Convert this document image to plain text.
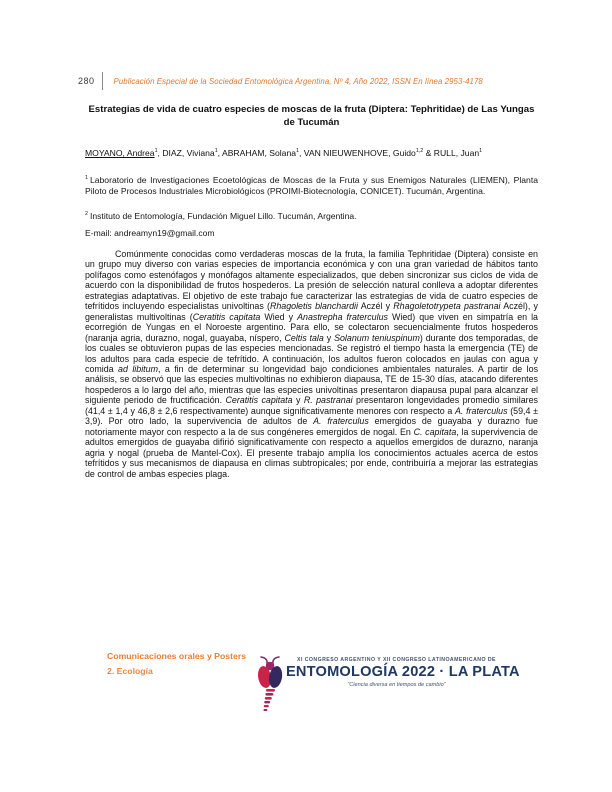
280 Publicación Especial de la Sociedad Entomológica Argentina, Nº 4, Año 2022, ISSN En línea 2953-4178
Estrategias de vida de cuatro especies de moscas de la fruta (Diptera: Tephritidae) de Las Yungas de Tucumán

MOYANO, Andrea$^1$, DIAZ, Viviana$^1$, ABRAHAM, Solana$^1$, VAN NIEUWENHOVE, Guido$^{1,2}$ & RULL, Juan$^1$

$^1$ Laboratorio de Investigaciones Ecoetológicas de Moscas de la Fruta y sus Enemigos Naturales (LIEMEN), Planta Piloto de Procesos Industriales Microbiológicos (PROIMI-Biotecnología, CONICET). Tucumán, Argentina.

$^2$ Instituto de Entomología, Fundación Miguel Lillo. Tucumán, Argentina.

E-mail: andreamyn19@gmail.com

Comúnmente conocidas como verdaderas moscas de la fruta, la familia Tephritidae (Diptera) consiste en un grupo muy diverso con varias especies de importancia económica y con una gran variedad de hábitos tanto polífagos como estenófagos y monófagos altamente especializados, que deben sincronizar sus ciclos de vida de acuerdo con la disponibilidad de frutos hospederos. La presión de selección natural conlleva a adoptar diferentes estrategias adaptativas. El objetivo de este trabajo fue caracterizar las estrategias de vida de cuatro especies de tefrítidos incluyendo especialistas univoltinas (Rhagoletis blanchardii Aczél y Rhagoletotrypeta pastranai Aczél), y generalistas multivoltinas (Ceratitis capitata Wied y Anastrepha fraterculus Wied) que viven en simpatría en la ecorregión de Yungas en el Noroeste argentino. Para ello, se colectaron secuencialmente frutos hospederos (naranja agria, durazno, nogal, guayaba, níspero, Celtis tala y Solanum teniuspinum) durante dos temporadas, de los cuales se obtuvieron pupas de las especies mencionadas. Se registró el tiempo hasta la emergencia (TE) de los adultos para cada especie de tefrítido. A continuación, los adultos fueron colocados en jaulas con agua y comida ad libitum, a fin de determinar su longevidad bajo condiciones ambientales naturales. A partir de los análisis, se observó que las especies multivoltinas no exhibieron diapausa, TE de 15-30 días, atacando diferentes hospederos a lo largo del año, mientras que las especies univoltinas presentaron diapausa pupal para alcanzar el siguiente periodo de fructificación. Ceratitis capitata y R. pastranai presentaron longevidades promedio similares (41,4 ± 1,4 y 46,8 ± 2,6 respectivamente) aunque significativamente menores con respecto a A. fraterculus (59,4 ± 3,9). Por otro lado, la supervivencia de adultos de A. fraterculus emergidos de guayaba y durazno fue notoriamente mayor con respecto a la de sus congéneres emergidos de nogal. En C. capitata, la supervivencia de adultos emergidos de guayaba difirió significativamente con respecto a aquellos emergidos de durazno, naranja agria y nogal (prueba de Mantel-Cox). El presente trabajo amplía los conocimientos actuales acerca de estos tefrítidos y sus mecanismos de diapausa en climas subtropicales; por ende, contribuiría a mejorar las estrategias de control de ambas especies plaga.

Comunicaciones orales y Posters

2. Ecología

XI CONGRESO ARGENTINO Y XII CONGRESO LATINOAMERICANO DE

ENTOMOLOGÍA 2022 · LA PLATA

“Ciencia diversa en tiempos de cambio”
